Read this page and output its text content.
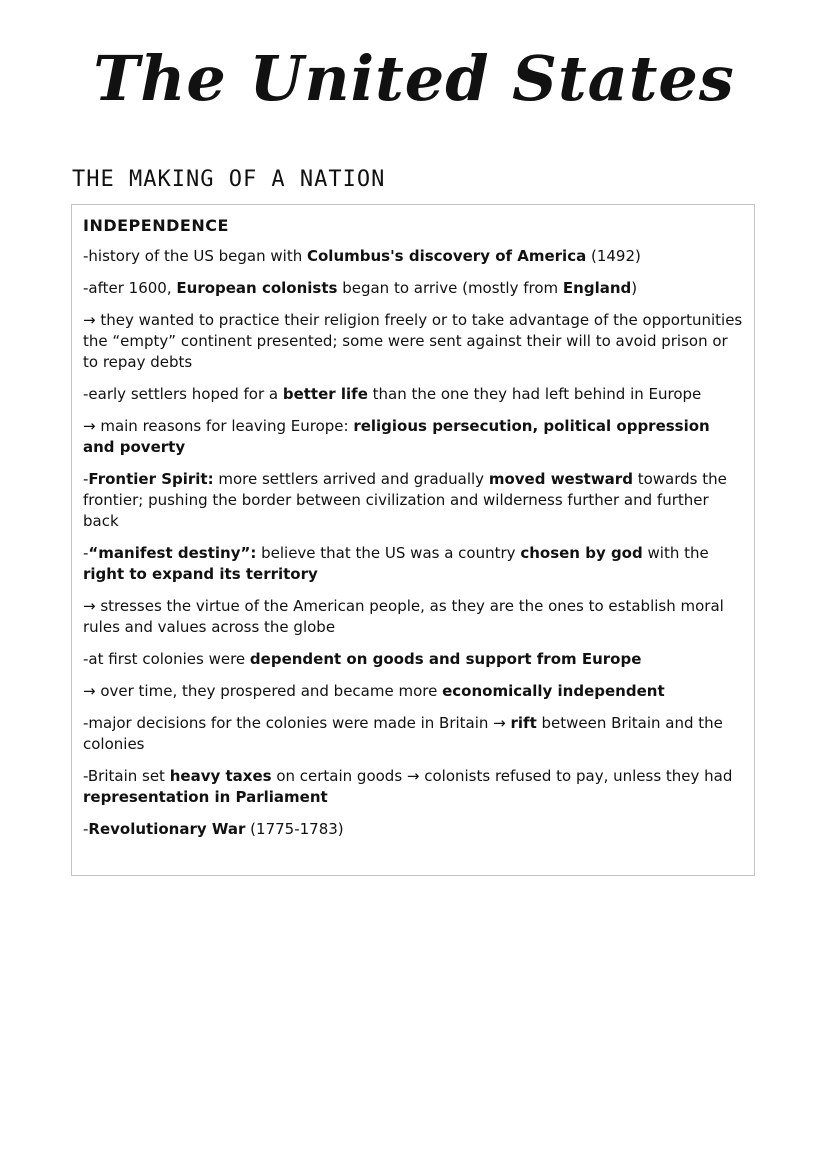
The United States
THE MAKING OF A NATION
INDEPENDENCE
-history of the US began with Columbus's discovery of America (1492)
-after 1600, European colonists began to arrive (mostly from England)
→ they wanted to practice their religion freely or to take advantage of the opportunities the “empty” continent presented; some were sent against their will to avoid prison or to repay debts
-early settlers hoped for a better life than the one they had left behind in Europe
→ main reasons for leaving Europe: religious persecution, political oppression and poverty
-Frontier Spirit: more settlers arrived and gradually moved westward towards the frontier; pushing the border between civilization and wilderness further and further back
-“manifest destiny”: believe that the US was a country chosen by god with the right to expand its territory
→ stresses the virtue of the American people, as they are the ones to establish moral rules and values across the globe
-at first colonies were dependent on goods and support from Europe
→ over time, they prospered and became more economically independent
-major decisions for the colonies were made in Britain → rift between Britain and the colonies
-Britain set heavy taxes on certain goods → colonists refused to pay, unless they had representation in Parliament
-Revolutionary War (1775-1783)
